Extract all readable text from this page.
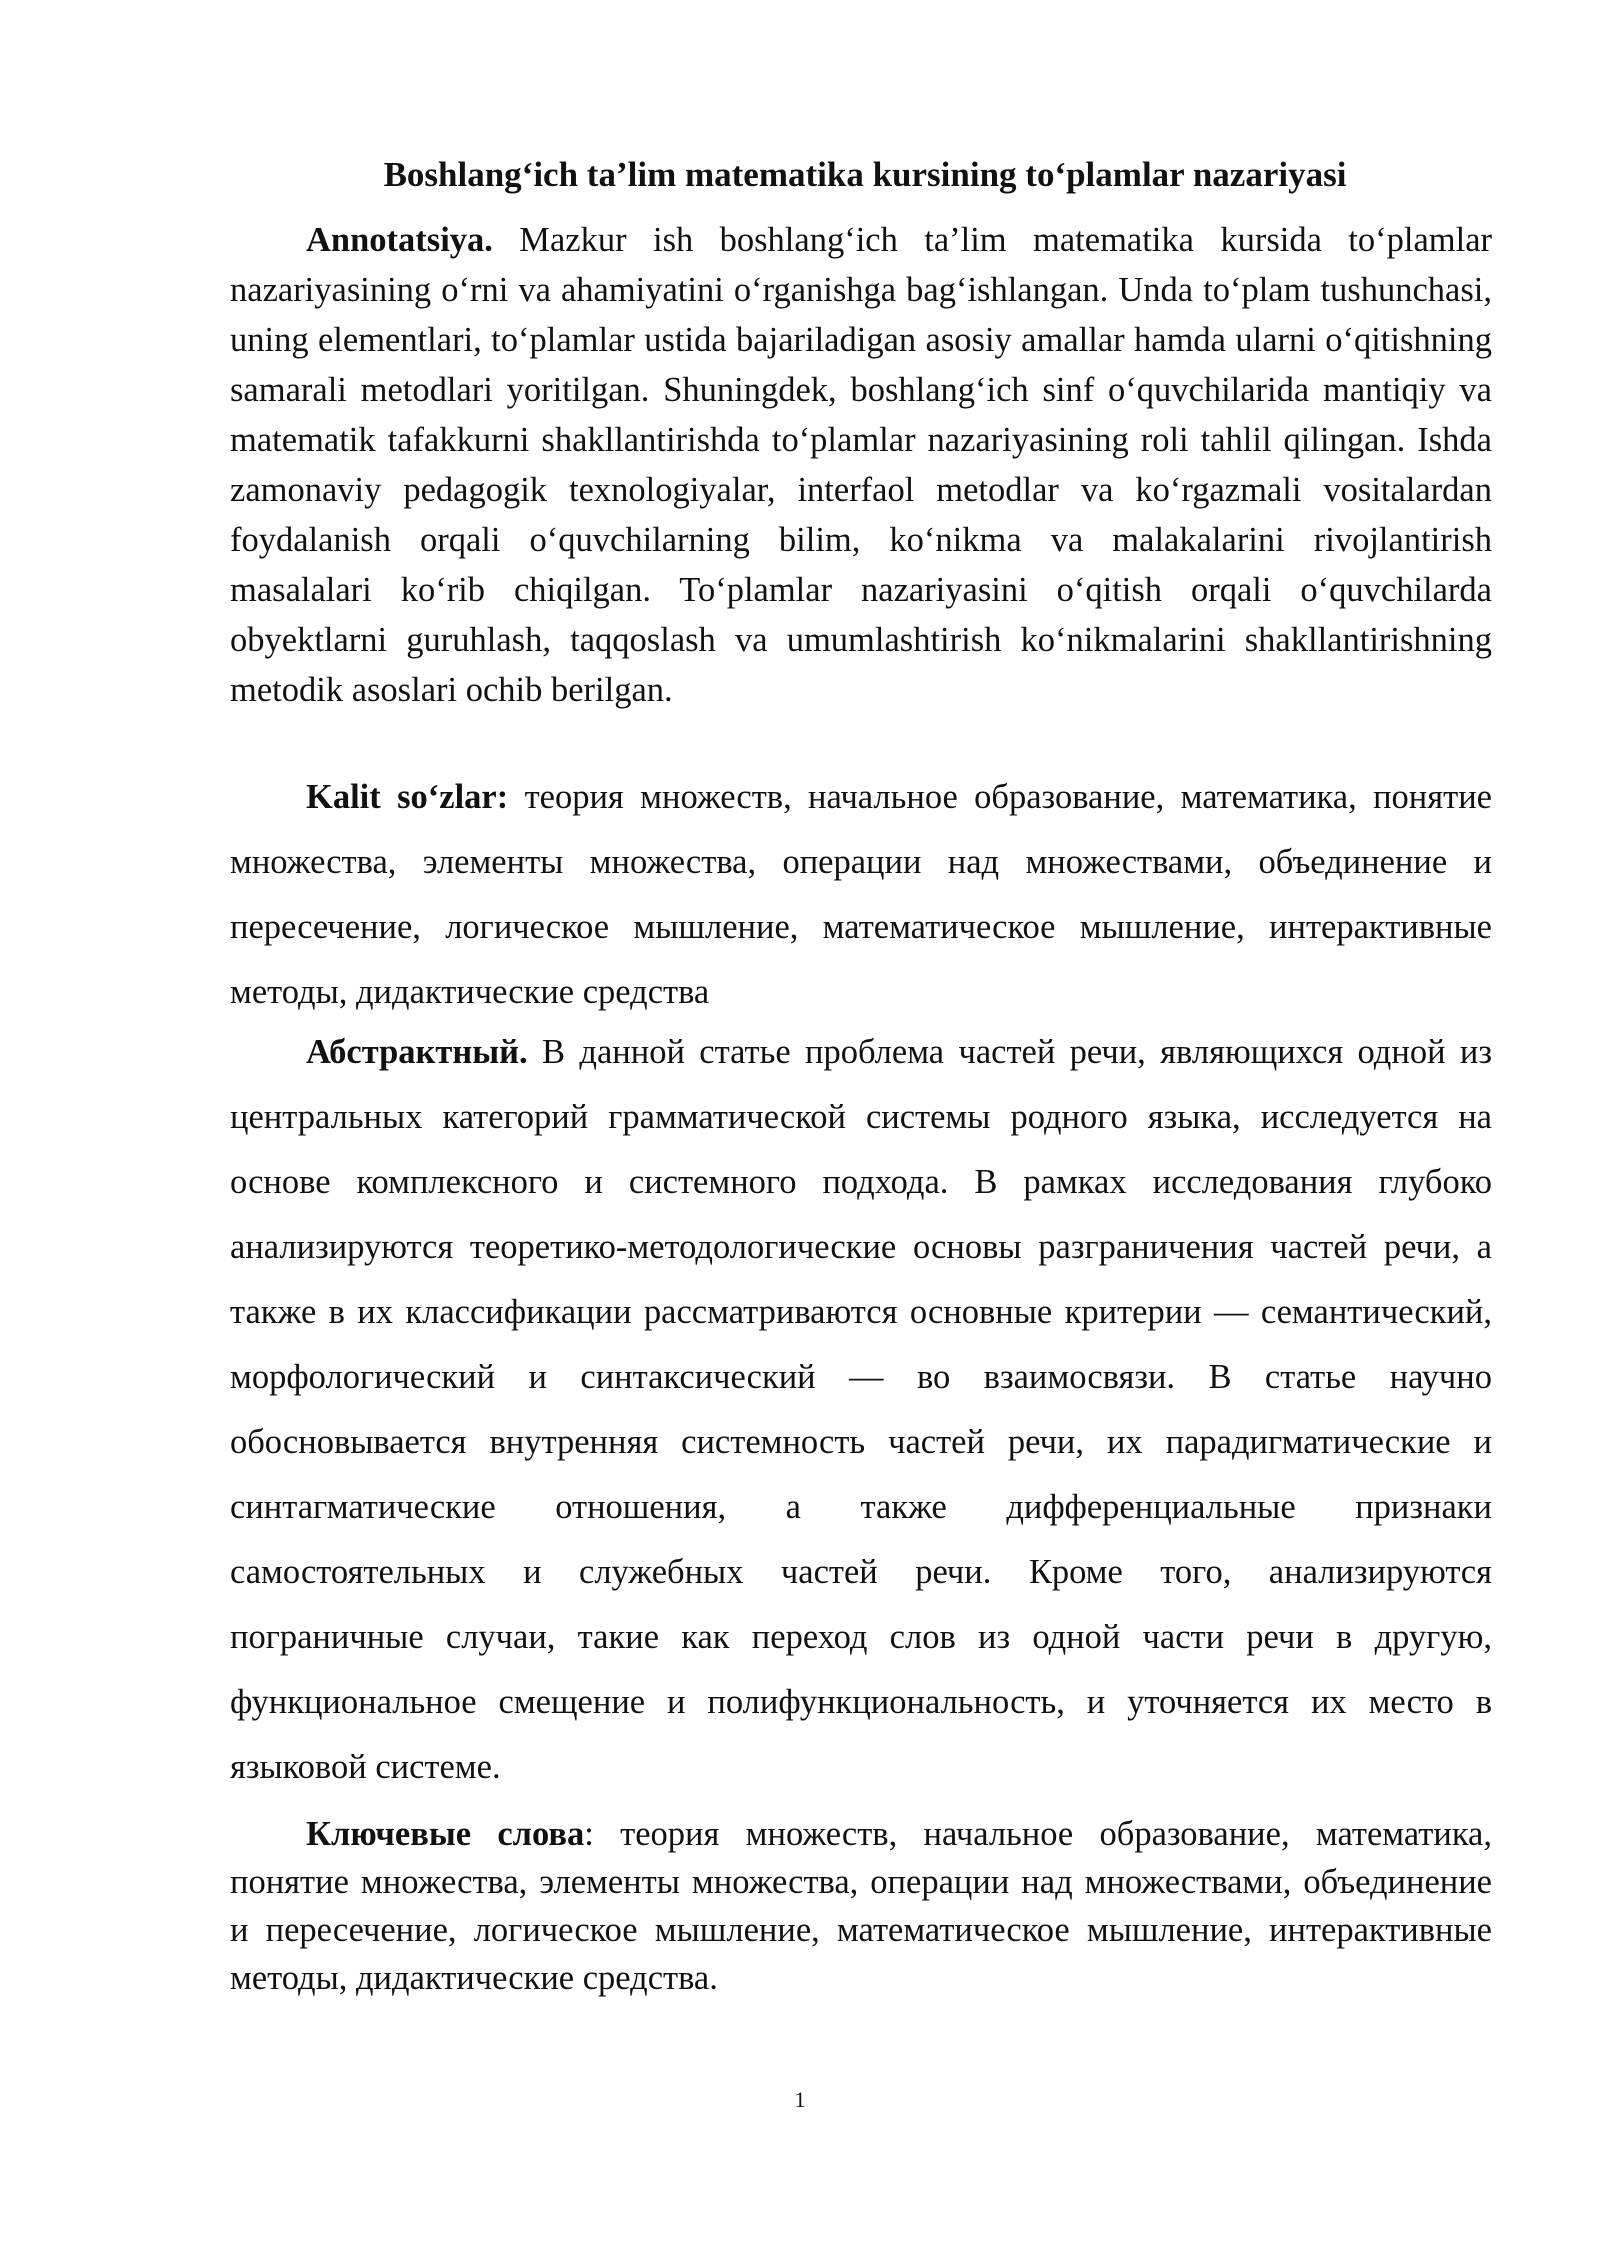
Boshlang‘ich ta’lim matematika kursining to‘plamlar nazariyasi

Annotatsiya. Mazkur ish boshlang‘ich ta’lim matematika kursida to‘plamlar nazariyasining o‘rni va ahamiyatini o‘rganishga bag‘ishlangan. Unda to‘plam tushunchasi, uning elementlari, to‘plamlar ustida bajariladigan asosiy amallar hamda ularni o‘qitishning samarali metodlari yoritilgan. Shuningdek, boshlang‘ich sinf o‘quvchilarida mantiqiy va matematik tafakkurni shakllantirishda to‘plamlar nazariyasining roli tahlil qilingan. Ishda zamonaviy pedagogik texnologiyalar, interfaol metodlar va ko‘rgazmali vositalardan foydalanish orqali o‘quvchilarning bilim, ko‘nikma va malakalarini rivojlantirish masalalari ko‘rib chiqilgan. To‘plamlar nazariyasini o‘qitish orqali o‘quvchilarda obyektlarni guruhlash, taqqoslash va umumlashtirish ko‘nikmalarini shakllantirishning metodik asoslari ochib berilgan.

Kalit so‘zlar: теория множеств, начальное образование, математика, понятие множества, элементы множества, операции над множествами, объединение и пересечение, логическое мышление, математическое мышление, интерактивные методы, дидактические средства

Абстрактный. В данной статье проблема частей речи, являющихся одной из центральных категорий грамматической системы родного языка, исследуется на основе комплексного и системного подхода. В рамках исследования глубоко анализируются теоретико-методологические основы разграничения частей речи, а также в их классификации рассматриваются основные критерии — семантический, морфологический и синтаксический — во взаимосвязи. В статье научно обосновывается внутренняя системность частей речи, их парадигматические и синтагматические отношения, а также дифференциальные признаки самостоятельных и служебных частей речи. Кроме того, анализируются пограничные случаи, такие как переход слов из одной части речи в другую, функциональное смещение и полифункциональность, и уточняется их место в языковой системе.

Ключевые слова: теория множеств, начальное образование, математика, понятие множества, элементы множества, операции над множествами, объединение и пересечение, логическое мышление, математическое мышление, интерактивные методы, дидактические средства.

1
